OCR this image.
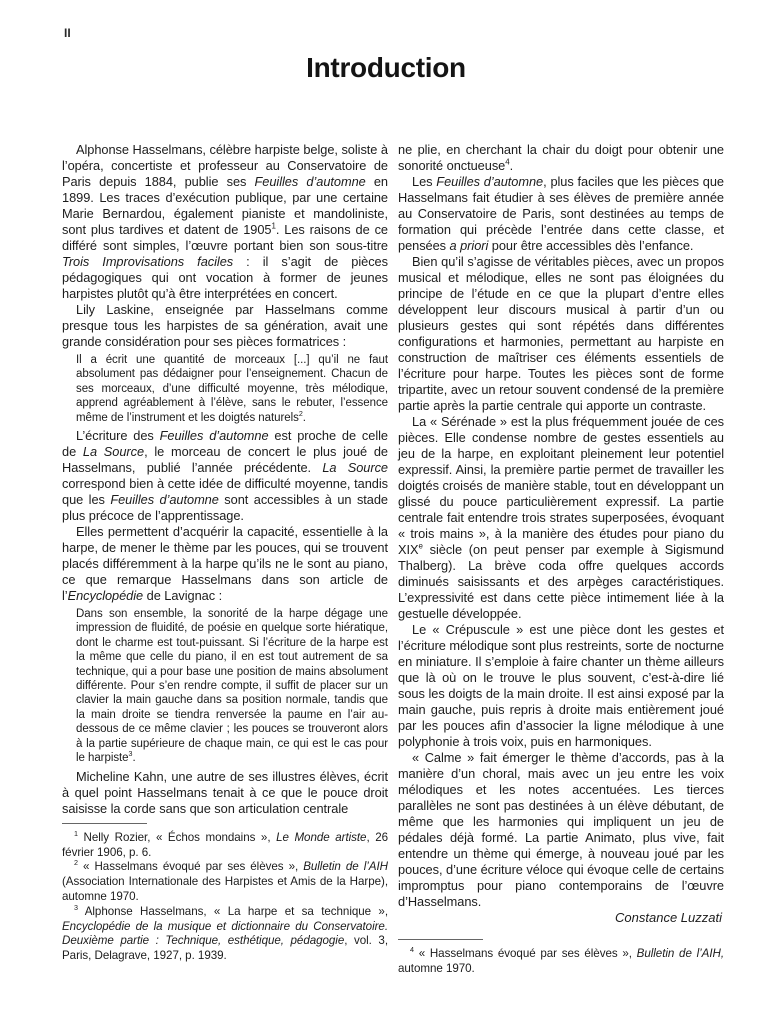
II
Introduction

Alphonse Hasselmans, célèbre harpiste belge, soliste à l’opéra, concertiste et professeur au Conservatoire de Paris depuis 1884, publie ses Feuilles d’automne en 1899. Les traces d’exécution publique, par une certaine Marie Bernardou, également pianiste et mandoliniste, sont plus tardives et datent de 1905$^1$. Les raisons de ce différé sont simples, l’œuvre portant bien son sous-titre Trois Improvisations faciles : il s’agit de pièces pédagogiques qui ont vocation à former de jeunes harpistes plutôt qu’à être interprétées en concert.

Lily Laskine, enseignée par Hasselmans comme presque tous les harpistes de sa génération, avait une grande considération pour ses pièces formatrices :

Il a écrit une quantité de morceaux [...] qu’il ne faut absolument pas dédaigner pour l’enseignement. Chacun de ses morceaux, d’une difficulté moyenne, très mélodique, apprend agréablement à l’élève, sans le rebuter, l’essence même de l’instrument et les doigtés naturels$^2$.

L’écriture des Feuilles d’automne est proche de celle de La Source, le morceau de concert le plus joué de Hasselmans, publié l’année précédente. La Source correspond bien à cette idée de difficulté moyenne, tandis que les Feuilles d’automne sont accessibles à un stade plus précoce de l’apprentissage.

Elles permettent d’acquérir la capacité, essentielle à la harpe, de mener le thème par les pouces, qui se trouvent placés différemment à la harpe qu’ils ne le sont au piano, ce que remarque Hasselmans dans son article de l’Encyclopédie de Lavignac :

Dans son ensemble, la sonorité de la harpe dégage une impression de fluidité, de poésie en quelque sorte hiératique, dont le charme est tout-puissant. Si l’écriture de la harpe est la même que celle du piano, il en est tout autrement de sa technique, qui a pour base une position de mains absolument différente. Pour s’en rendre compte, il suffit de placer sur un clavier la main gauche dans sa position normale, tandis que la main droite se tiendra renversée la paume en l’air au-dessous de ce même clavier ; les pouces se trouveront alors à la partie supérieure de chaque main, ce qui est le cas pour le harpiste$^3$.

Micheline Kahn, une autre de ses illustres élèves, écrit à quel point Hasselmans tenait à ce que le pouce droit saisisse la corde sans que son articulation centrale

$^1$ Nelly Rozier, « Échos mondains », Le Monde artiste, 26 février 1906, p. 6.

$^2$ « Hasselmans évoqué par ses élèves », Bulletin de l’AIH (Association Internationale des Harpistes et Amis de la Harpe), automne 1970.

$^3$ Alphonse Hasselmans, « La harpe et sa technique », Encyclopédie de la musique et dictionnaire du Conservatoire. Deuxième partie : Technique, esthétique, pédagogie, vol. 3, Paris, Delagrave, 1927, p. 1939.

ne plie, en cherchant la chair du doigt pour obtenir une sonorité onctueuse$^4$.

Les Feuilles d’automne, plus faciles que les pièces que Hasselmans fait étudier à ses élèves de première année au Conservatoire de Paris, sont destinées au temps de formation qui précède l’entrée dans cette classe, et pensées a priori pour être accessibles dès l’enfance.

Bien qu’il s’agisse de véritables pièces, avec un propos musical et mélodique, elles ne sont pas éloignées du principe de l’étude en ce que la plupart d’entre elles développent leur discours musical à partir d’un ou plusieurs gestes qui sont répétés dans différentes configurations et harmonies, permettant au harpiste en construction de maîtriser ces éléments essentiels de l’écriture pour harpe. Toutes les pièces sont de forme tripartite, avec un retour souvent condensé de la première partie après la partie centrale qui apporte un contraste.

La « Sérénade » est la plus fréquemment jouée de ces pièces. Elle condense nombre de gestes essentiels au jeu de la harpe, en exploitant pleinement leur potentiel expressif. Ainsi, la première partie permet de travailler les doigtés croisés de manière stable, tout en développant un glissé du pouce particulièrement expressif. La partie centrale fait entendre trois strates superposées, évoquant « trois mains », à la manière des études pour piano du XIXe siècle (on peut penser par exemple à Sigismund Thalberg). La brève coda offre quelques accords diminués saisissants et des arpèges caractéristiques. L’expressivité est dans cette pièce intimement liée à la gestuelle développée.

Le « Crépuscule » est une pièce dont les gestes et l’écriture mélodique sont plus restreints, sorte de nocturne en miniature. Il s’emploie à faire chanter un thème ailleurs que là où on le trouve le plus souvent, c’est-à-dire lié sous les doigts de la main droite. Il est ainsi exposé par la main gauche, puis repris à droite mais entièrement joué par les pouces afin d’associer la ligne mélodique à une polyphonie à trois voix, puis en harmoniques.

« Calme » fait émerger le thème d’accords, pas à la manière d’un choral, mais avec un jeu entre les voix mélodiques et les notes accentuées. Les tierces parallèles ne sont pas destinées à un élève débutant, de même que les harmonies qui impliquent un jeu de pédales déjà formé. La partie Animato, plus vive, fait entendre un thème qui émerge, à nouveau joué par les pouces, d’une écriture véloce qui évoque celle de certains impromptus pour piano contemporains de l’œuvre d’Hasselmans.

Constance Luzzati

$^4$ « Hasselmans évoqué par ses élèves », Bulletin de l’AIH, automne 1970.
